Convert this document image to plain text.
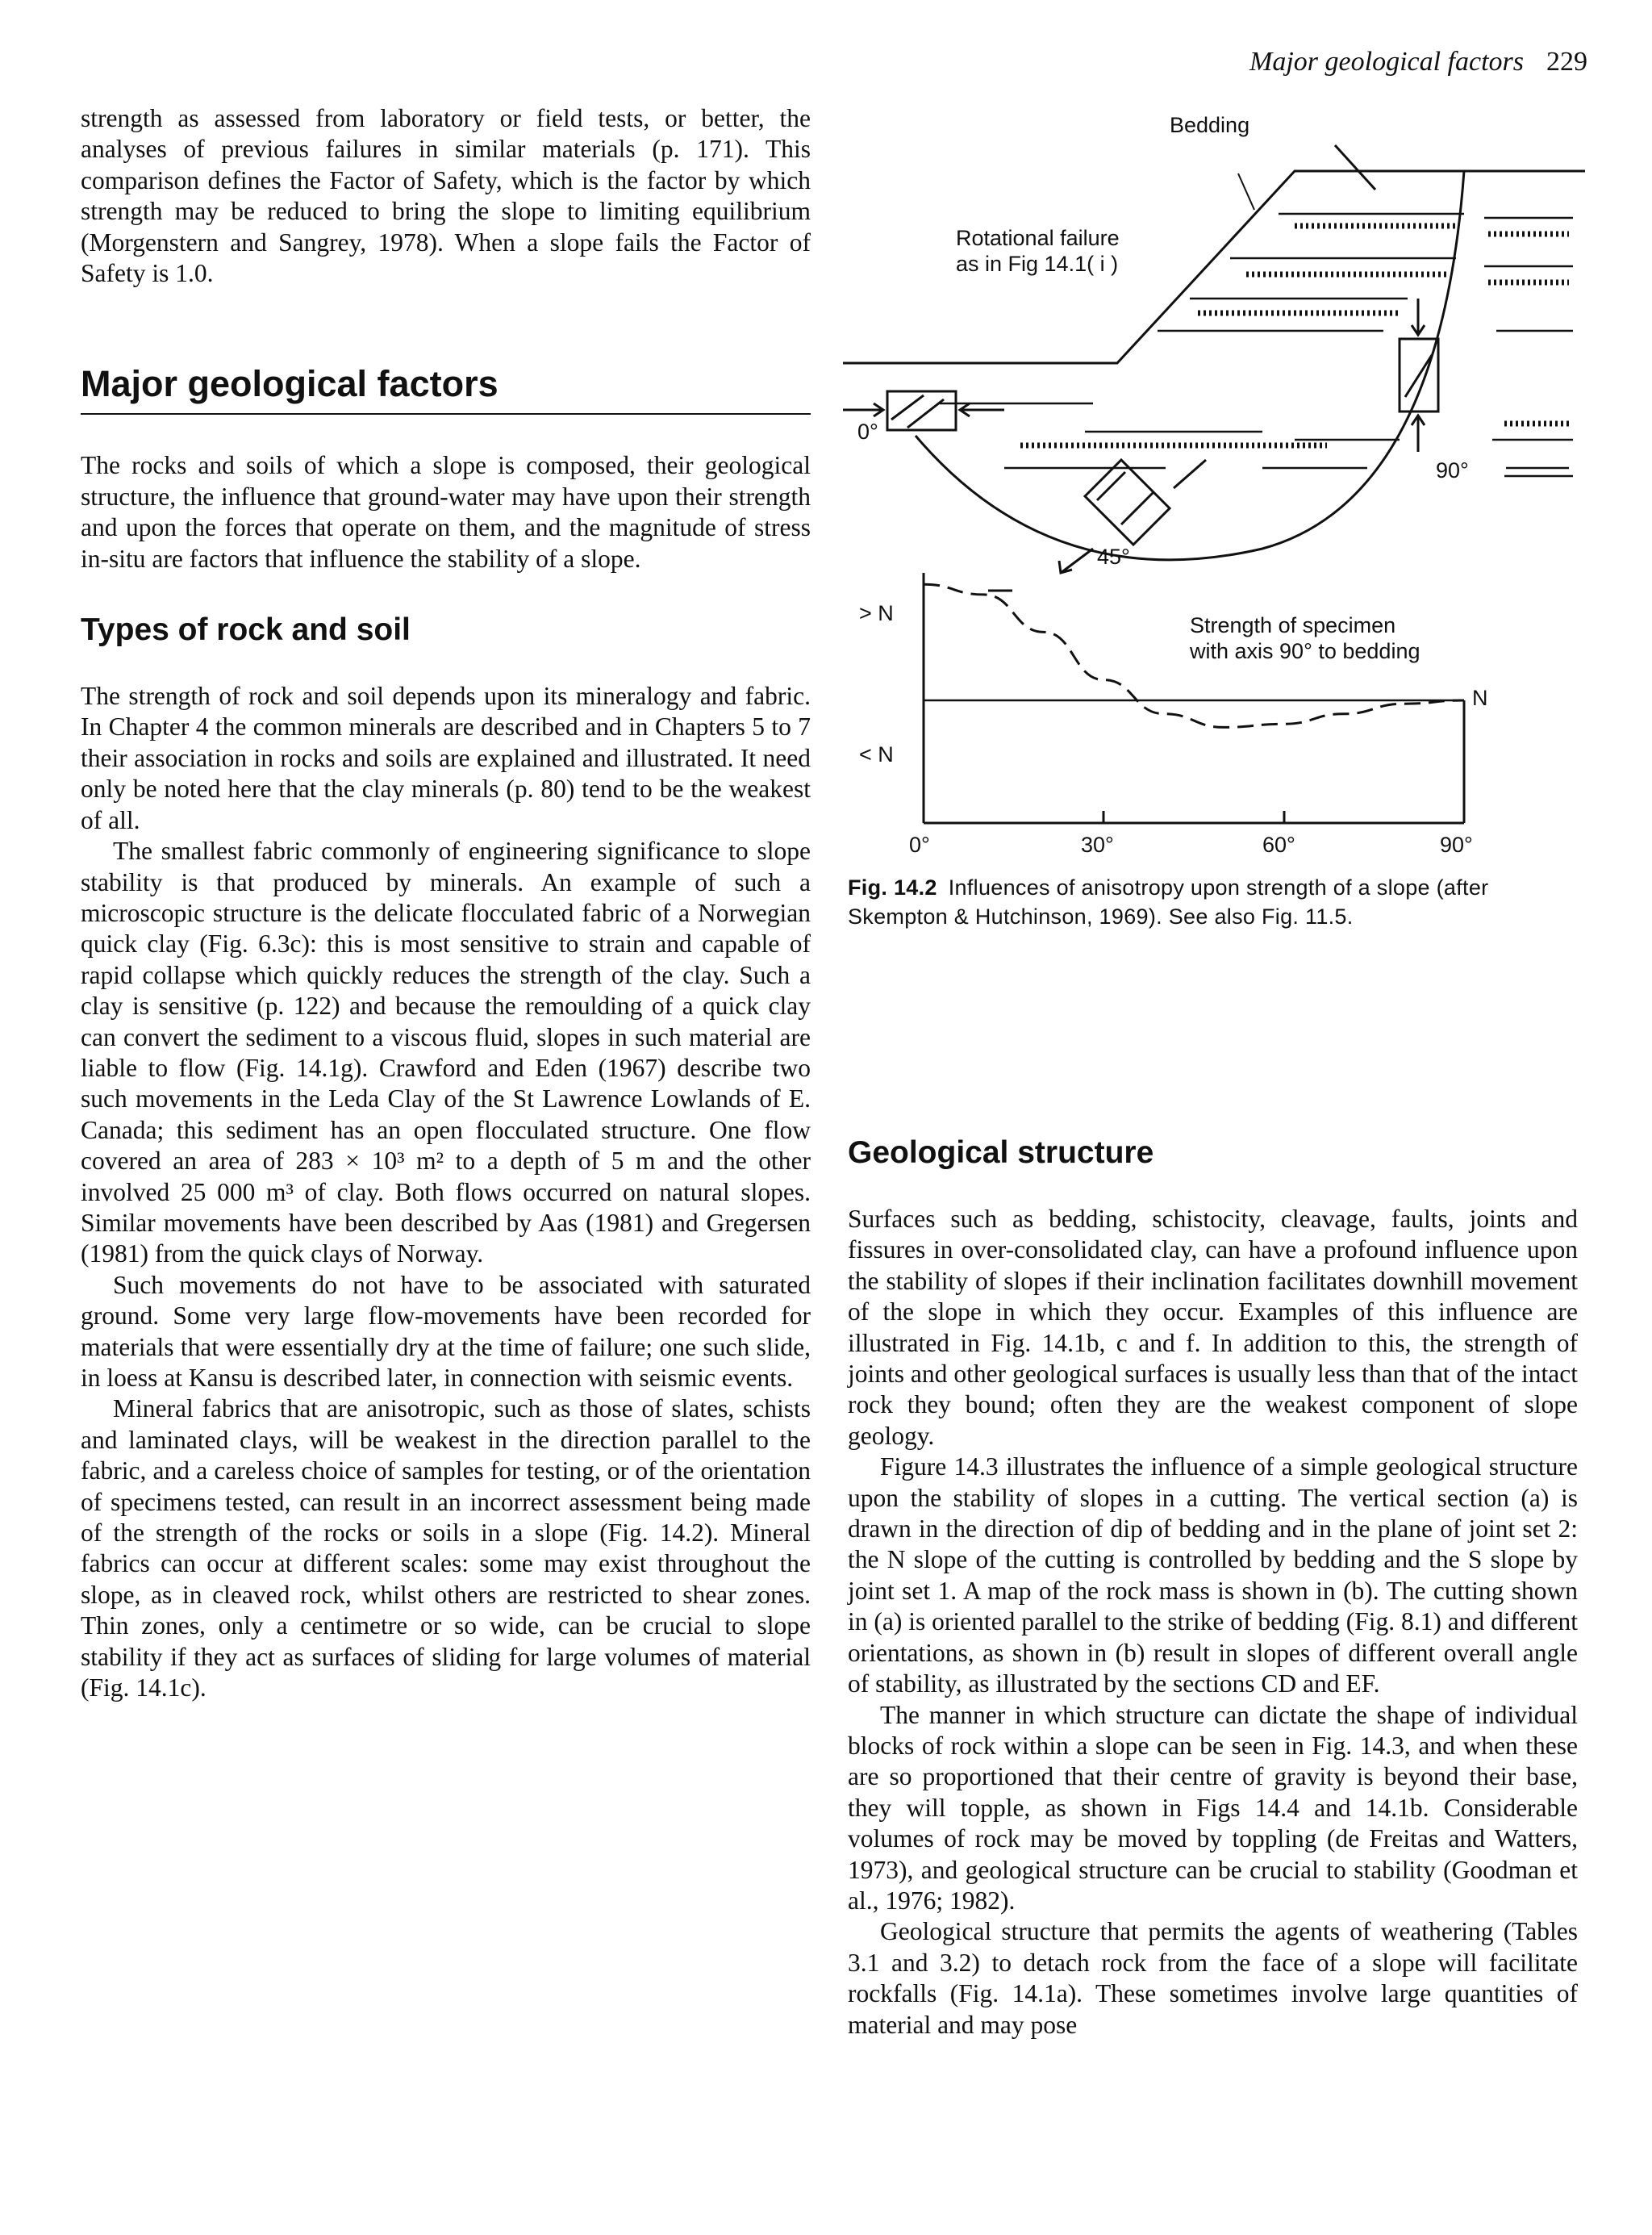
Major geological factors 229

strength as assessed from laboratory or field tests, or better, the analyses of previous failures in similar materials (p. 171). This comparison defines the Factor of Safety, which is the factor by which strength may be reduced to bring the slope to limiting equilibrium (Morgenstern and Sangrey, 1978). When a slope fails the Factor of Safety is 1.0.

Major geological factors

The rocks and soils of which a slope is composed, their geological structure, the influence that ground-water may have upon their strength and upon the forces that operate on them, and the magnitude of stress in-situ are factors that influence the stability of a slope.

Types of rock and soil

The strength of rock and soil depends upon its mineralogy and fabric. In Chapter 4 the common minerals are described and in Chapters 5 to 7 their association in rocks and soils are explained and illustrated. It need only be noted here that the clay minerals (p. 80) tend to be the weakest of all.

The smallest fabric commonly of engineering significance to slope stability is that produced by minerals. An example of such a microscopic structure is the delicate flocculated fabric of a Norwegian quick clay (Fig. 6.3c): this is most sensitive to strain and capable of rapid collapse which quickly reduces the strength of the clay. Such a clay is sensitive (p. 122) and because the remoulding of a quick clay can convert the sediment to a viscous fluid, slopes in such material are liable to flow (Fig. 14.1g). Crawford and Eden (1967) describe two such movements in the Leda Clay of the St Lawrence Lowlands of E. Canada; this sediment has an open flocculated structure. One flow covered an area of 283 × 10³ m² to a depth of 5 m and the other involved 25 000 m³ of clay. Both flows occurred on natural slopes. Similar movements have been described by Aas (1981) and Gregersen (1981) from the quick clays of Norway.

Such movements do not have to be associated with saturated ground. Some very large flow-movements have been recorded for materials that were essentially dry at the time of failure; one such slide, in loess at Kansu is described later, in connection with seismic events.

Mineral fabrics that are anisotropic, such as those of slates, schists and laminated clays, will be weakest in the direction parallel to the fabric, and a careless choice of samples for testing, or of the orientation of specimens tested, can result in an incorrect assessment being made of the strength of the rocks or soils in a slope (Fig. 14.2). Mineral fabrics can occur at different scales: some may exist throughout the slope, as in cleaved rock, whilst others are restricted to shear zones. Thin zones, only a centimetre or so wide, can be crucial to slope stability if they act as surfaces of sliding for large volumes of material (Fig. 14.1c).

Bedding
Rotational failure
as in Fig 14.1( i )
0°
45°
90°
> N
< N
Strength of specimen
with axis 90° to bedding
N
0°	30°	60°	90°
Fig. 14.2 Influences of anisotropy upon strength of a slope (after Skempton & Hutchinson, 1969). See also Fig. 11.5.
Geological structure

Surfaces such as bedding, schistocity, cleavage, faults, joints and fissures in over-consolidated clay, can have a profound influence upon the stability of slopes if their inclination facilitates downhill movement of the slope in which they occur. Examples of this influence are illustrated in Fig. 14.1b, c and f. In addition to this, the strength of joints and other geological surfaces is usually less than that of the intact rock they bound; often they are the weakest component of slope geology.

Figure 14.3 illustrates the influence of a simple geological structure upon the stability of slopes in a cutting. The vertical section (a) is drawn in the direction of dip of bedding and in the plane of joint set 2: the N slope of the cutting is controlled by bedding and the S slope by joint set 1. A map of the rock mass is shown in (b). The cutting shown in (a) is oriented parallel to the strike of bedding (Fig. 8.1) and different orientations, as shown in (b) result in slopes of different overall angle of stability, as illustrated by the sections CD and EF.

The manner in which structure can dictate the shape of individual blocks of rock within a slope can be seen in Fig. 14.3, and when these are so proportioned that their centre of gravity is beyond their base, they will topple, as shown in Figs 14.4 and 14.1b. Considerable volumes of rock may be moved by toppling (de Freitas and Watters, 1973), and geological structure can be crucial to stability (Goodman et al., 1976; 1982).

Geological structure that permits the agents of weathering (Tables 3.1 and 3.2) to detach rock from the face of a slope will facilitate rockfalls (Fig. 14.1a). These sometimes involve large quantities of material and may pose
